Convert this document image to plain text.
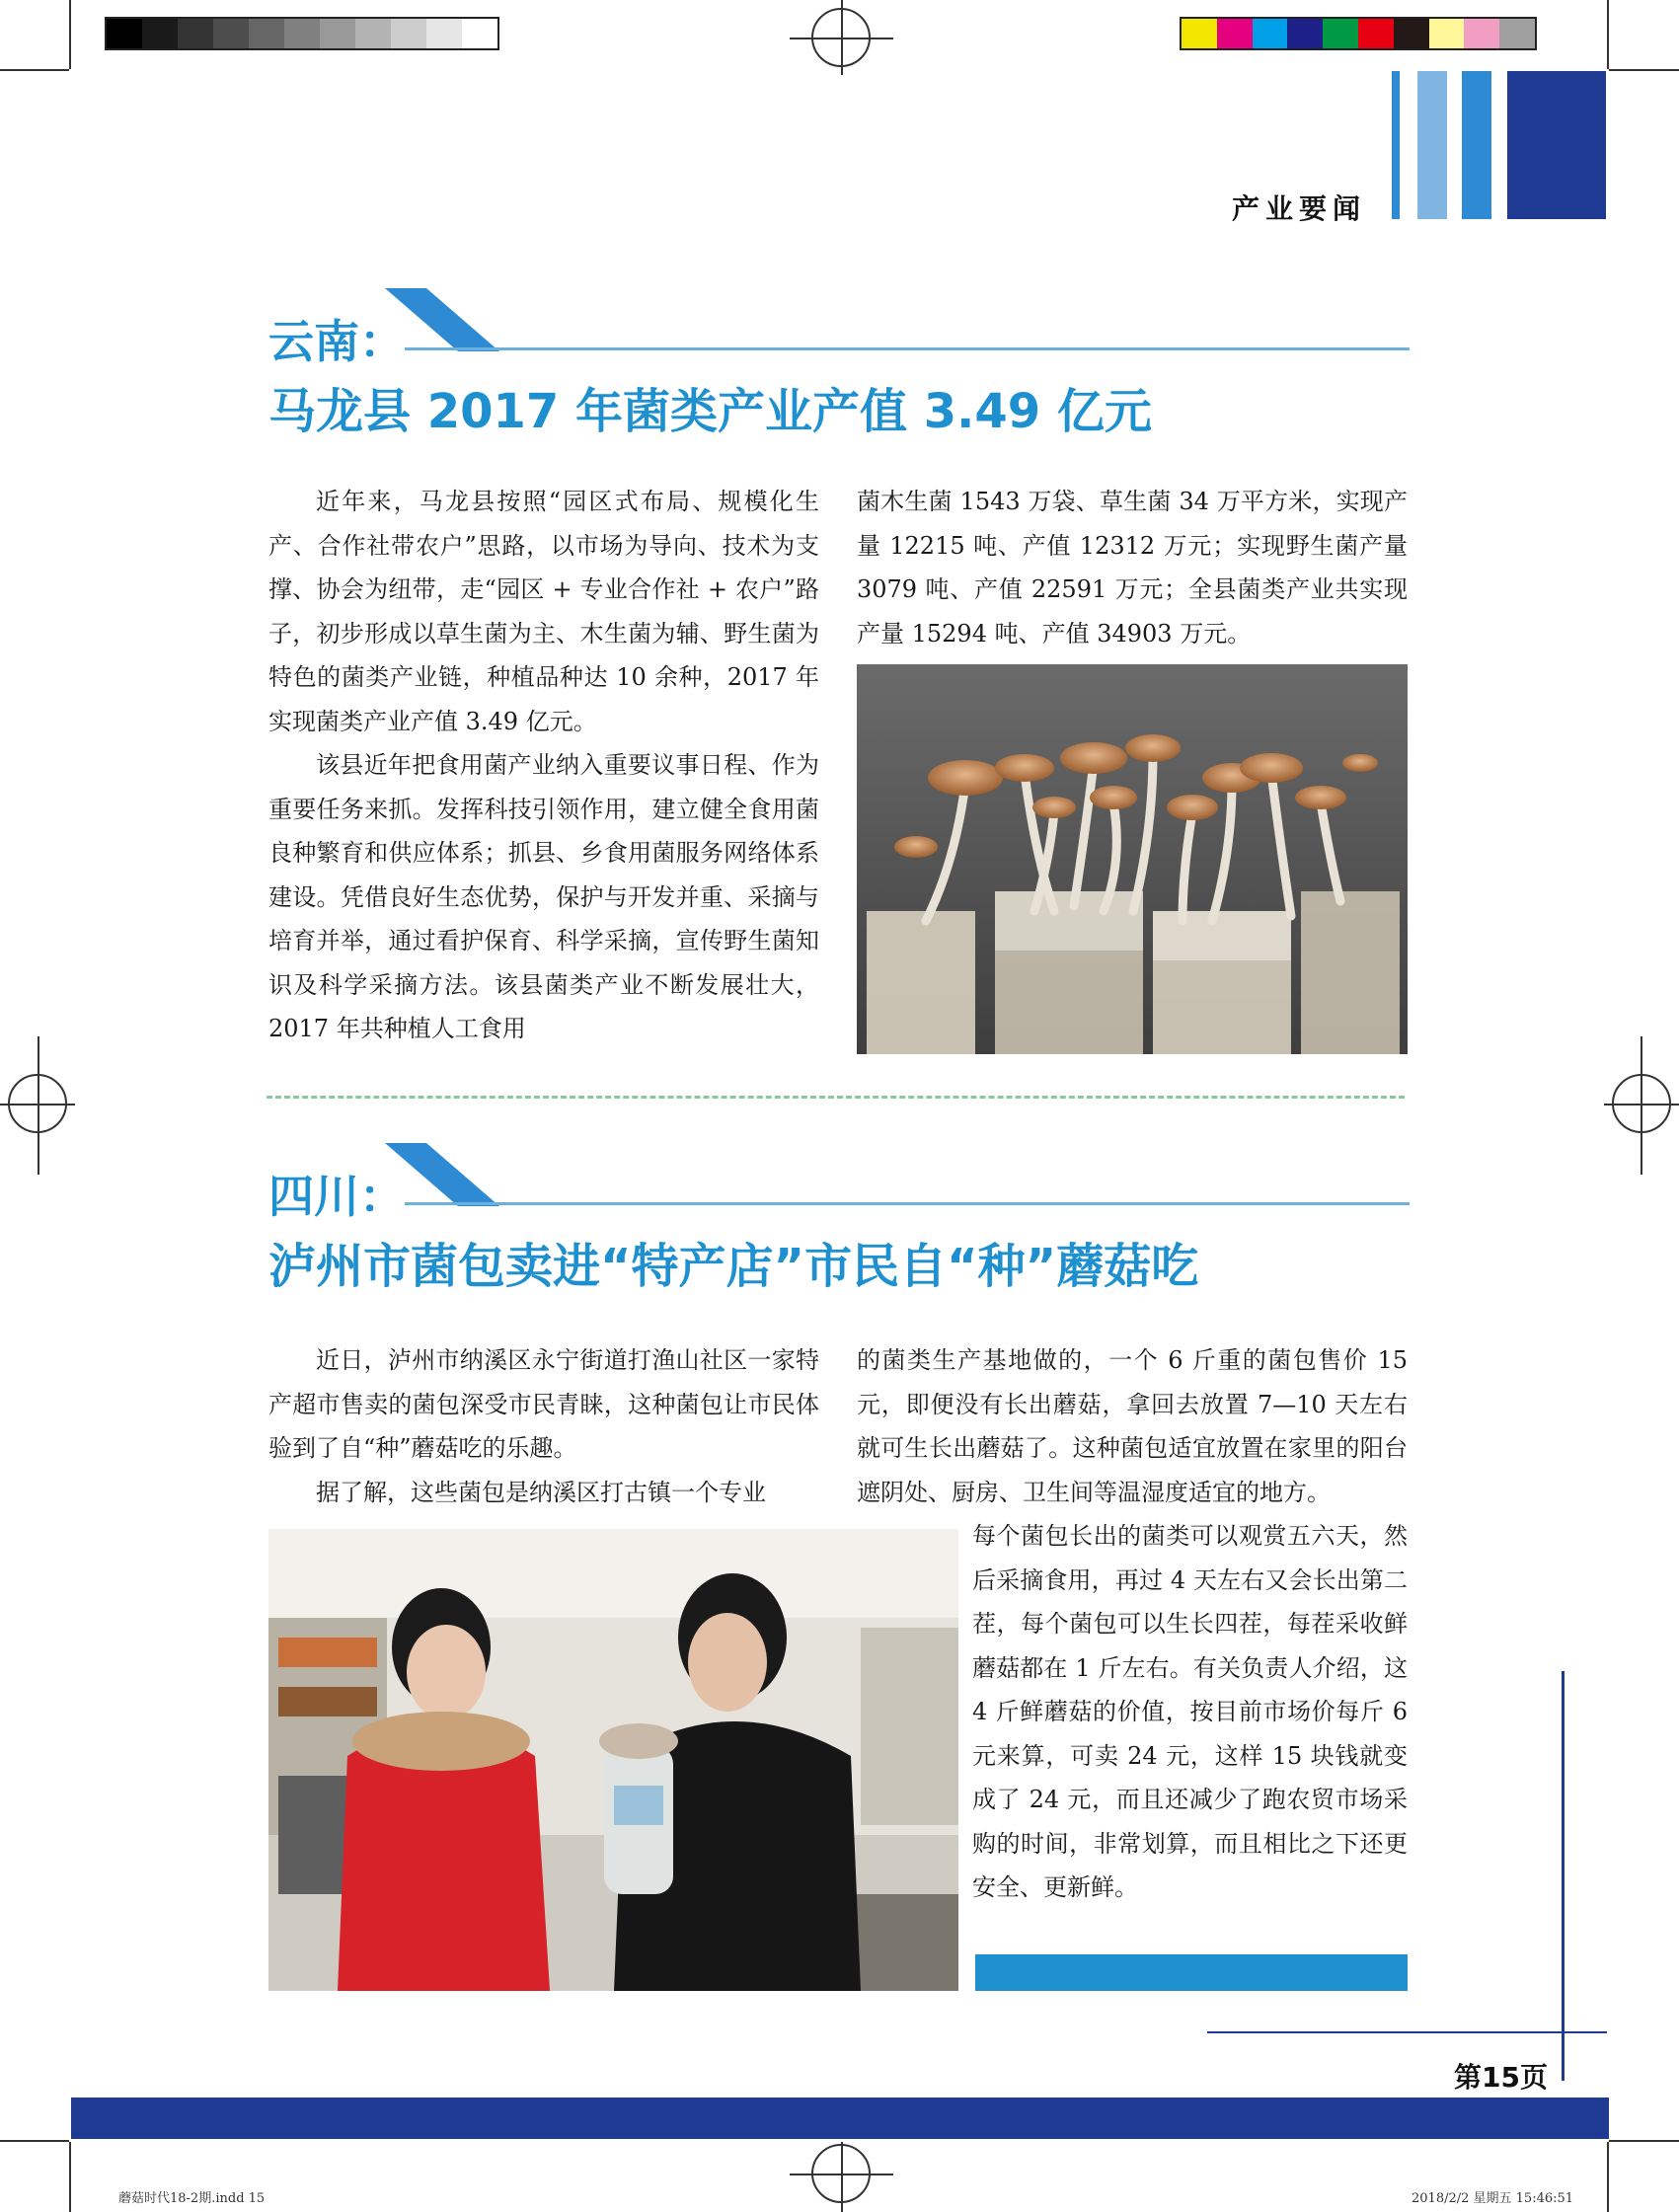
产业要闻
云南：
马龙县 2017 年菌类产业产值 3.49 亿元

近年来，马龙县按照“园区式布局、规模化生产、合作社带农户”思路，以市场为导向、技术为支撑、协会为纽带，走“园区 + 专业合作社 + 农户”路子，初步形成以草生菌为主、木生菌为辅、野生菌为特色的菌类产业链，种植品种达 10 余种，2017 年实现菌类产业产值 3.49 亿元。

该县近年把食用菌产业纳入重要议事日程、作为重要任务来抓。发挥科技引领作用，建立健全食用菌良种繁育和供应体系；抓县、乡食用菌服务网络体系建设。凭借良好生态优势，保护与开发并重、采摘与培育并举，通过看护保育、科学采摘，宣传野生菌知识及科学采摘方法。该县菌类产业不断发展壮大，2017 年共种植人工食用

菌木生菌 1543 万袋、草生菌 34 万平方米，实现产量 12215 吨、产值 12312 万元；实现野生菌产量 3079 吨、产值 22591 万元；全县菌类产业共实现产量 15294 吨、产值 34903 万元。

四川：
泸州市菌包卖进“特产店”市民自“种”蘑菇吃

近日，泸州市纳溪区永宁街道打渔山社区一家特产超市售卖的菌包深受市民青睐，这种菌包让市民体验到了自“种”蘑菇吃的乐趣。

据了解，这些菌包是纳溪区打古镇一个专业

的菌类生产基地做的，一个 6 斤重的菌包售价 15 元，即便没有长出蘑菇，拿回去放置 7—10 天左右就可生长出蘑菇了。这种菌包适宜放置在家里的阳台遮阴处、厨房、卫生间等温湿度适宜的地方。

每个菌包长出的菌类可以观赏五六天，然后采摘食用，再过 4 天左右又会长出第二茬，每个菌包可以生长四茬，每茬采收鲜蘑菇都在 1 斤左右。有关负责人介绍，这 4 斤鲜蘑菇的价值，按目前市场价每斤 6 元来算，可卖 24 元，这样 15 块钱就变成了 24 元，而且还减少了跑农贸市场采购的时间，非常划算，而且相比之下还更安全、更新鲜。

第15页
蘑菇时代18-2期.indd 15	2018/2/2 星期五 15:46:51
